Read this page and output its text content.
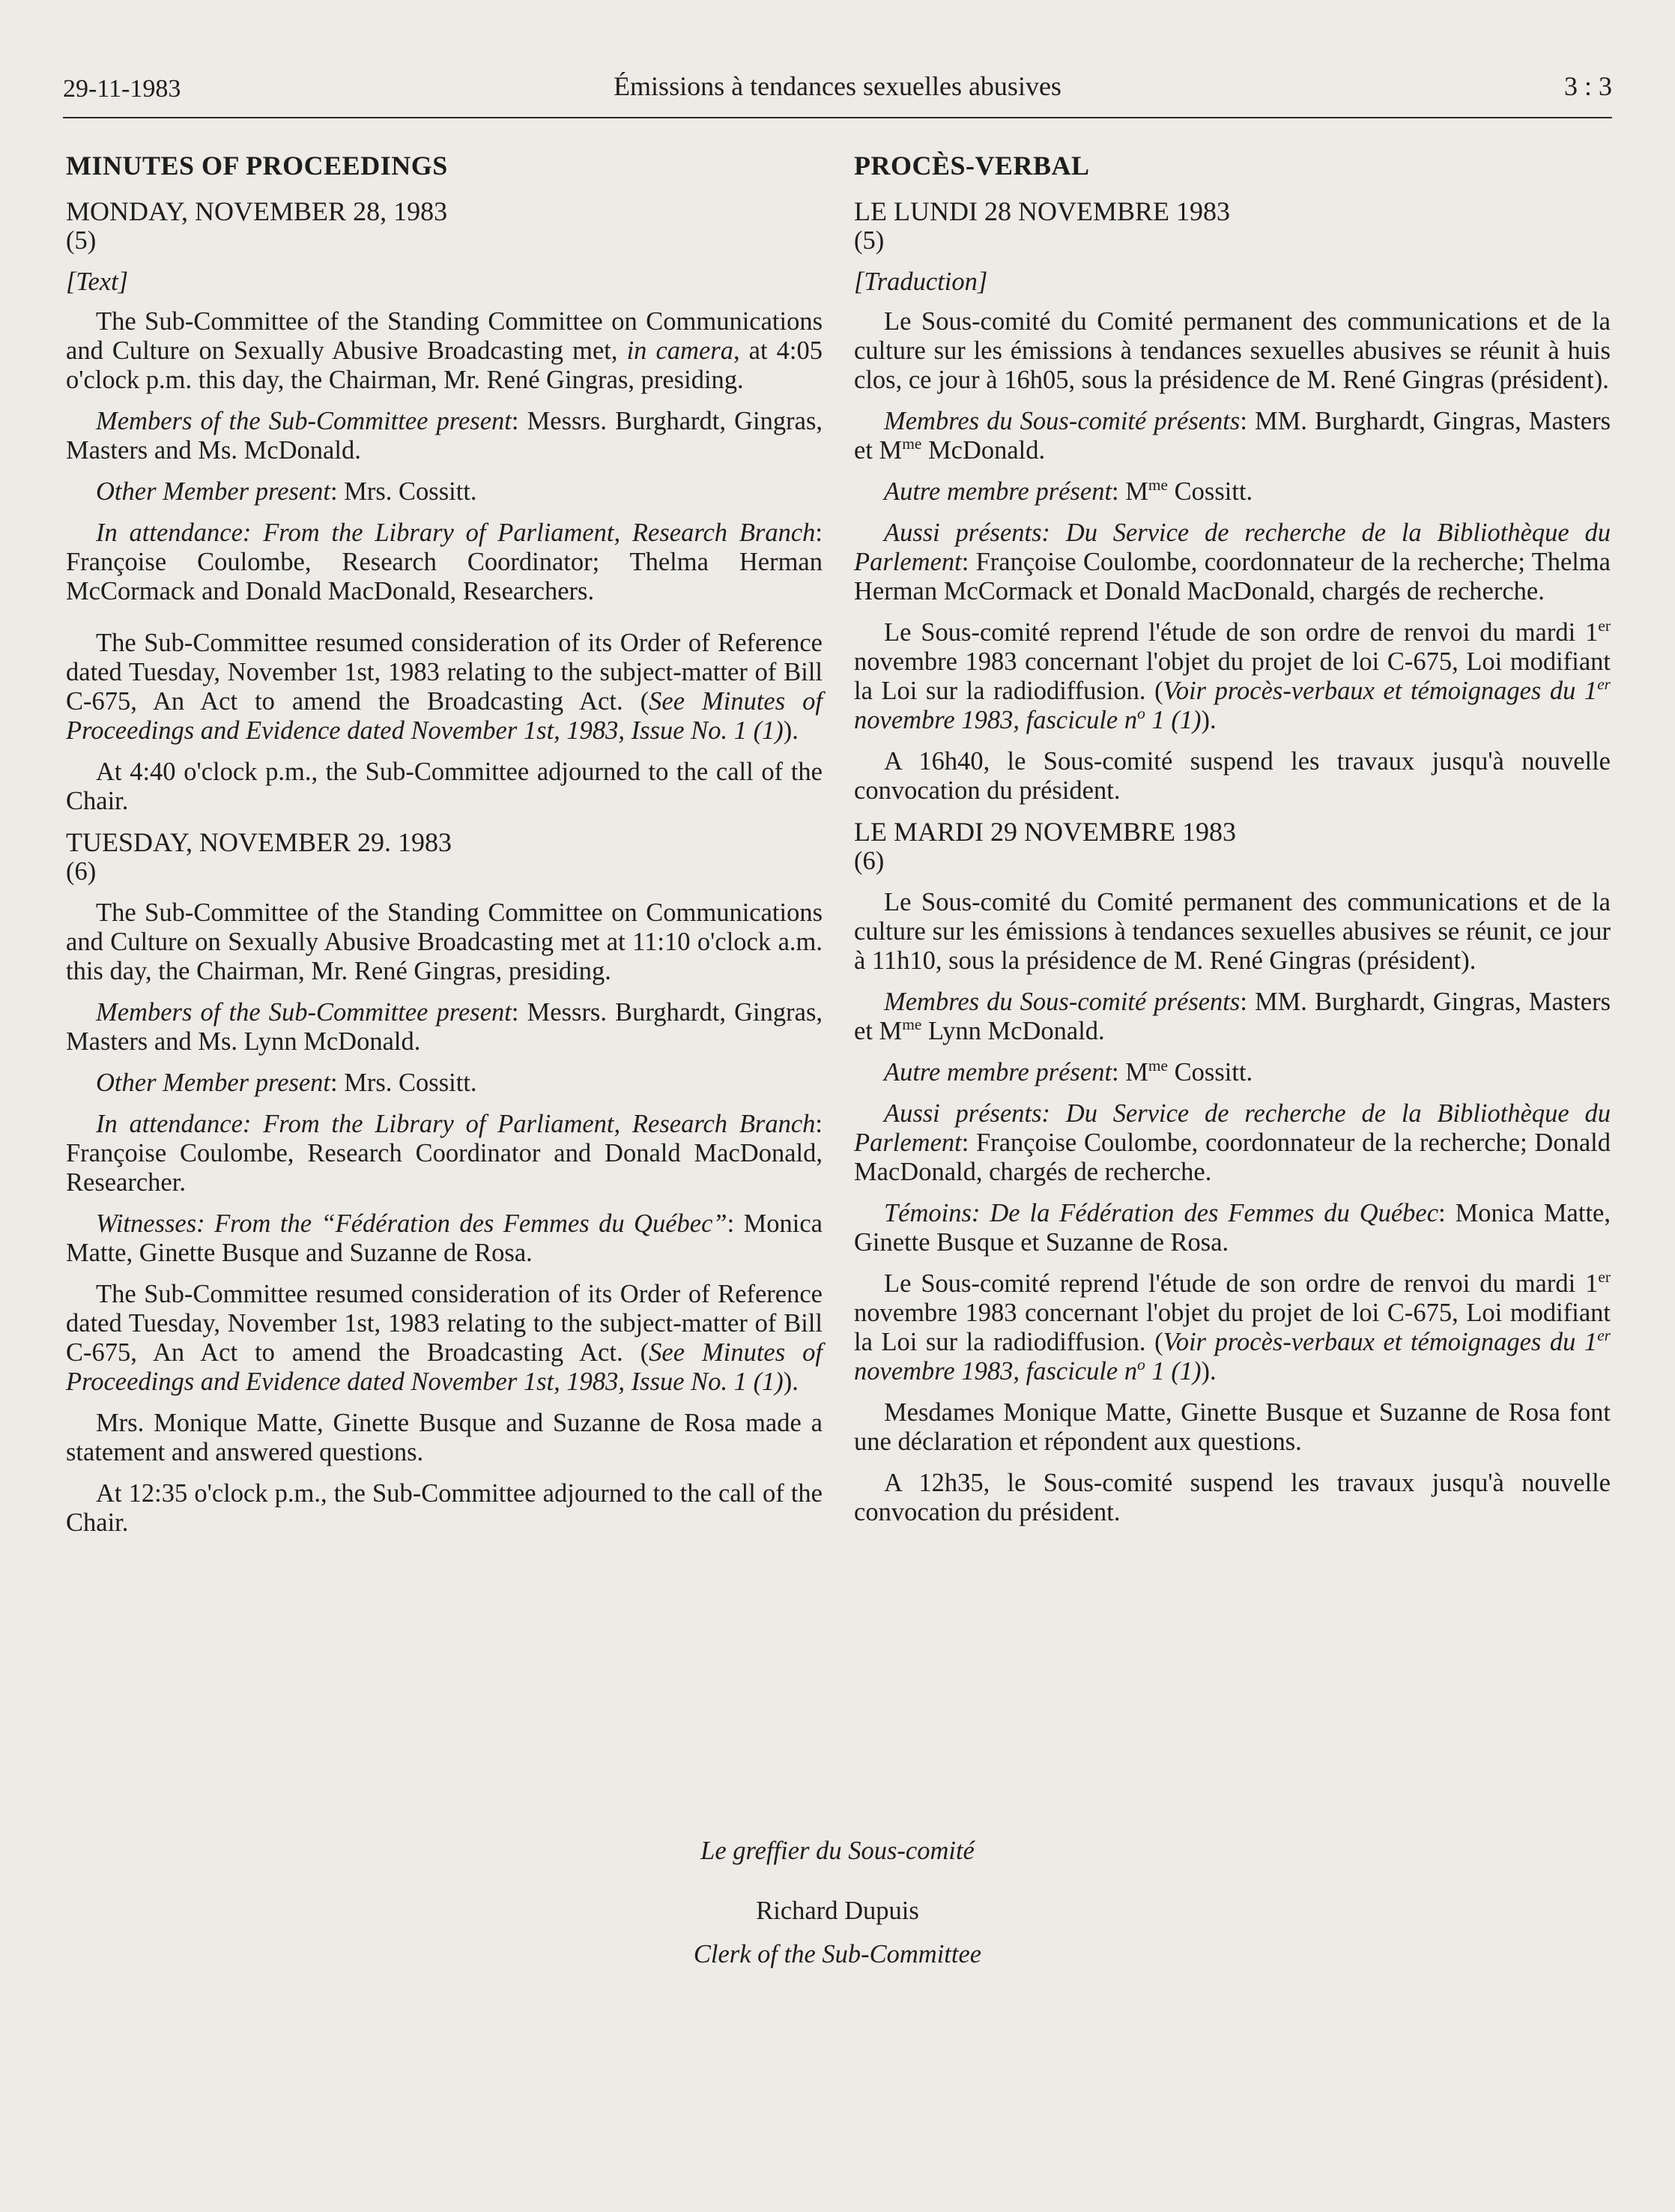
29-11-1983	Émissions à tendances sexuelles abusives	3 : 3
MINUTES OF PROCEEDINGS
MONDAY, NOVEMBER 28, 1983
(5)
[Text]

The Sub-Committee of the Standing Committee on Communications and Culture on Sexually Abusive Broadcasting met, in camera, at 4:05 o'clock p.m. this day, the Chairman, Mr. René Gingras, presiding.

Members of the Sub-Committee present: Messrs. Burghardt, Gingras, Masters and Ms. McDonald.

Other Member present: Mrs. Cossitt.

In attendance: From the Library of Parliament, Research Branch: Françoise Coulombe, Research Coordinator; Thelma Herman McCormack and Donald MacDonald, Researchers.

The Sub-Committee resumed consideration of its Order of Reference dated Tuesday, November 1st, 1983 relating to the subject-matter of Bill C-675, An Act to amend the Broadcasting Act. (See Minutes of Proceedings and Evidence dated November 1st, 1983, Issue No. 1 (1)).

At 4:40 o'clock p.m., the Sub-Committee adjourned to the call of the Chair.

TUESDAY, NOVEMBER 29. 1983
(6)

The Sub-Committee of the Standing Committee on Communications and Culture on Sexually Abusive Broadcasting met at 11:10 o'clock a.m. this day, the Chairman, Mr. René Gingras, presiding.

Members of the Sub-Committee present: Messrs. Burghardt, Gingras, Masters and Ms. Lynn McDonald.

Other Member present: Mrs. Cossitt.

In attendance: From the Library of Parliament, Research Branch: Françoise Coulombe, Research Coordinator and Donald MacDonald, Researcher.

Witnesses: From the “Fédération des Femmes du Québec”: Monica Matte, Ginette Busque and Suzanne de Rosa.

The Sub-Committee resumed consideration of its Order of Reference dated Tuesday, November 1st, 1983 relating to the subject-matter of Bill C-675, An Act to amend the Broadcasting Act. (See Minutes of Proceedings and Evidence dated November 1st, 1983, Issue No. 1 (1)).

Mrs. Monique Matte, Ginette Busque and Suzanne de Rosa made a statement and answered questions.

At 12:35 o'clock p.m., the Sub-Committee adjourned to the call of the Chair.

PROCÈS-VERBAL
LE LUNDI 28 NOVEMBRE 1983
(5)
[Traduction]

Le Sous-comité du Comité permanent des communications et de la culture sur les émissions à tendances sexuelles abusives se réunit à huis clos, ce jour à 16h05, sous la présidence de M. René Gingras (président).

Membres du Sous-comité présents: MM. Burghardt, Gingras, Masters et $M^{me}$ McDonald.

Autre membre présent: $M^{me}$ Cossitt.

Aussi présents: Du Service de recherche de la Bibliothèque du Parlement: Françoise Coulombe, coordonnateur de la recherche; Thelma Herman McCormack et Donald MacDonald, chargés de recherche.

Le Sous-comité reprend l'étude de son ordre de renvoi du mardi 1er novembre 1983 concernant l'objet du projet de loi C-675, Loi modifiant la Loi sur la radiodiffusion. (Voir procès-verbaux et témoignages du 1er novembre 1983, fascicule $n^o$ 1 (1)).

A 16h40, le Sous-comité suspend les travaux jusqu'à nouvelle convocation du président.

LE MARDI 29 NOVEMBRE 1983
(6)

Le Sous-comité du Comité permanent des communications et de la culture sur les émissions à tendances sexuelles abusives se réunit, ce jour à 11h10, sous la présidence de M. René Gingras (président).

Membres du Sous-comité présents: MM. Burghardt, Gingras, Masters et $M^{me}$ Lynn McDonald.

Autre membre présent: $M^{me}$ Cossitt.

Aussi présents: Du Service de recherche de la Bibliothèque du Parlement: Françoise Coulombe, coordonnateur de la recherche; Donald MacDonald, chargés de recherche.

Témoins: De la Fédération des Femmes du Québec: Monica Matte, Ginette Busque et Suzanne de Rosa.

Le Sous-comité reprend l'étude de son ordre de renvoi du mardi 1er novembre 1983 concernant l'objet du projet de loi C-675, Loi modifiant la Loi sur la radiodiffusion. (Voir procès-verbaux et témoignages du 1er novembre 1983, fascicule $n^o$ 1 (1)).

Mesdames Monique Matte, Ginette Busque et Suzanne de Rosa font une déclaration et répondent aux questions.

A 12h35, le Sous-comité suspend les travaux jusqu'à nouvelle convocation du président.

Le greffier du Sous-comité
Richard Dupuis
Clerk of the Sub-Committee
